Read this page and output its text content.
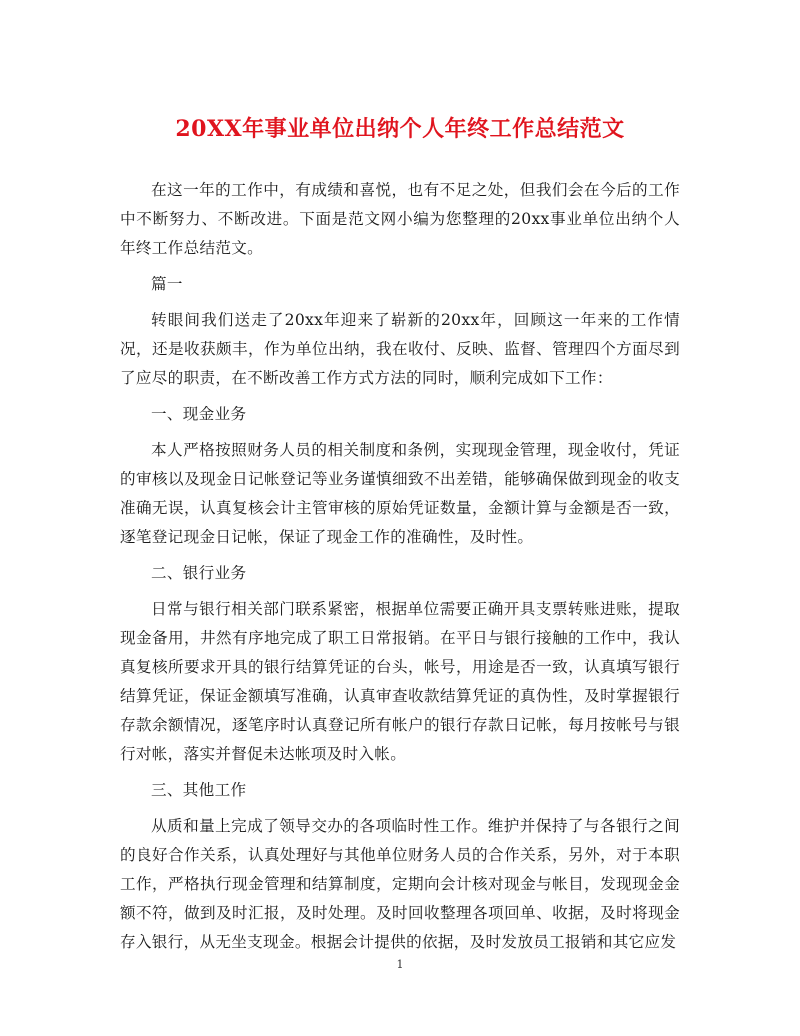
20XX年事业单位出纳个人年终工作总结范文

在这一年的工作中，有成绩和喜悦，也有不足之处，但我们会在今后的工作中不断努力、不断改进。下面是范文网小编为您整理的20xx事业单位出纳个人年终工作总结范文。

篇一

转眼间我们送走了20xx年迎来了崭新的20xx年，回顾这一年来的工作情况，还是收获颇丰，作为单位出纳，我在收付、反映、监督、管理四个方面尽到了应尽的职责，在不断改善工作方式方法的同时，顺利完成如下工作：

一、现金业务

本人严格按照财务人员的相关制度和条例，实现现金管理，现金收付，凭证的审核以及现金日记帐登记等业务谨慎细致不出差错，能够确保做到现金的收支准确无误，认真复核会计主管审核的原始凭证数量，金额计算与金额是否一致，逐笔登记现金日记帐，保证了现金工作的准确性，及时性。

二、银行业务

日常与银行相关部门联系紧密，根据单位需要正确开具支票转账进账，提取现金备用，井然有序地完成了职工日常报销。在平日与银行接触的工作中，我认真复核所要求开具的银行结算凭证的台头，帐号，用途是否一致，认真填写银行结算凭证，保证金额填写准确，认真审查收款结算凭证的真伪性，及时掌握银行存款余额情况，逐笔序时认真登记所有帐户的银行存款日记帐，每月按帐号与银行对帐，落实并督促未达帐项及时入帐。

三、其他工作

从质和量上完成了领导交办的各项临时性工作。维护并保持了与各银行之间的良好合作关系，认真处理好与其他单位财务人员的合作关系，另外，对于本职工作，严格执行现金管理和结算制度，定期向会计核对现金与帐目，发现现金金额不符，做到及时汇报，及时处理。及时回收整理各项回单、收据，及时将现金存入银行，从无坐支现金。根据会计提供的依据，及时发放员工报销和其它应发

1
